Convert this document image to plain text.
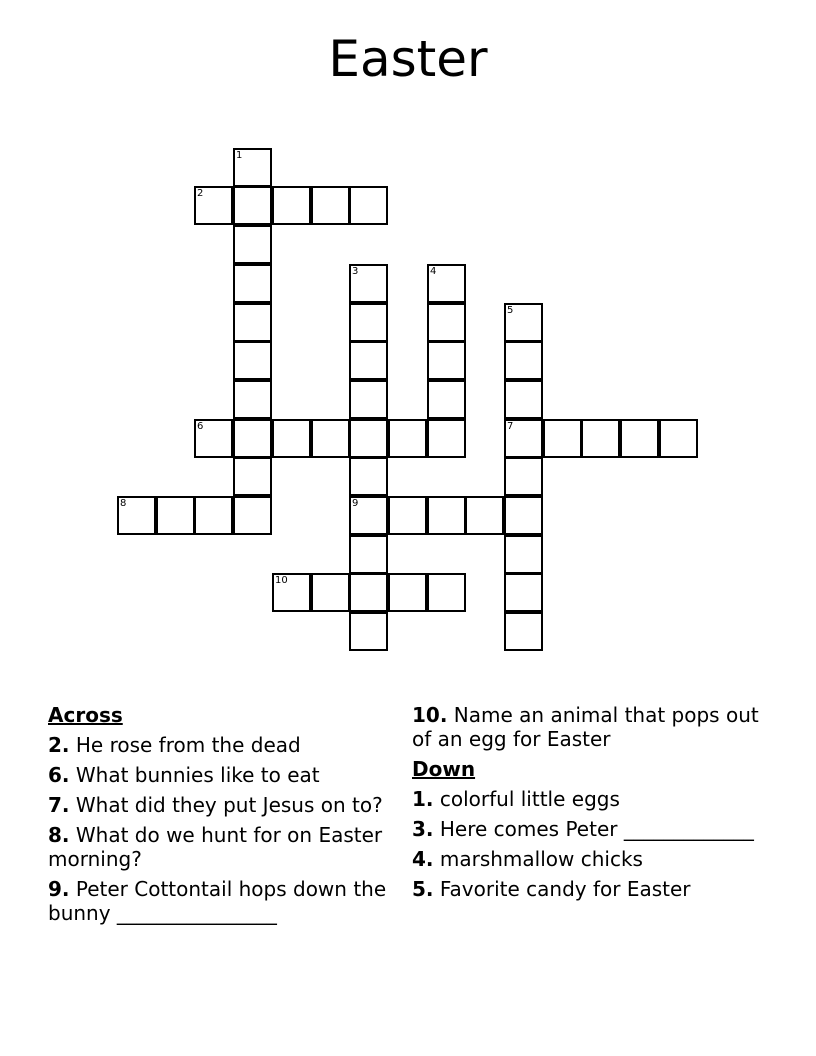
Easter
1
2
3	4
5
6	7
8	9
10
Across
2. He rose from the dead
6. What bunnies like to eat
7. What did they put Jesus on to?
8. What do we hunt for on Easter morning?
9. Peter Cottontail hops down the bunny ________________
10. Name an animal that pops out of an egg for Easter
Down
1. colorful little eggs
3. Here comes Peter _____________
4. marshmallow chicks
5. Favorite candy for Easter
